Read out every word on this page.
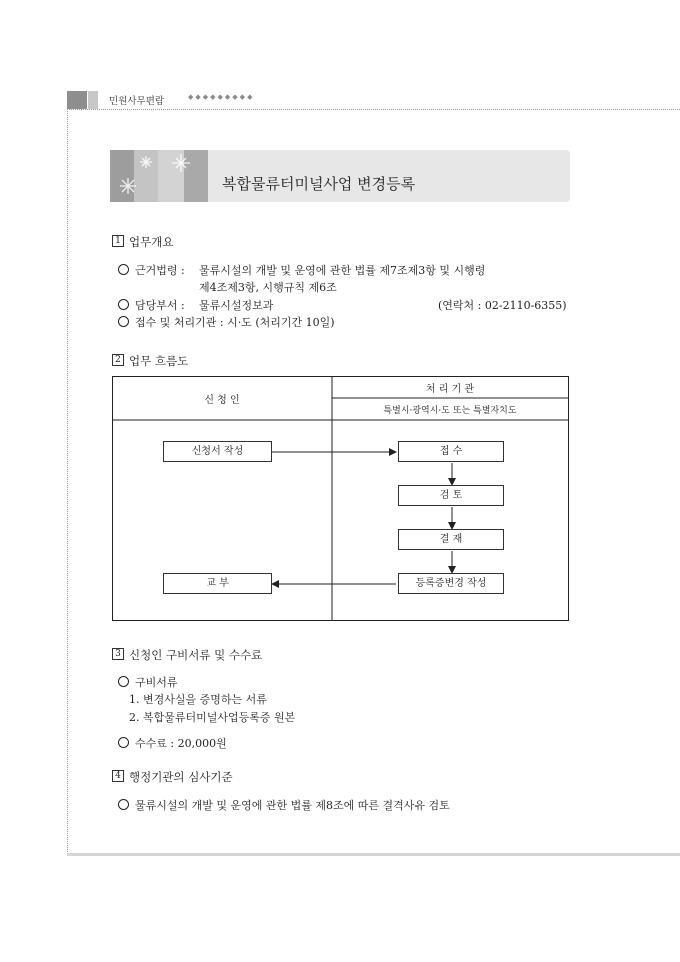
민원사무편람	◆◆◆◆◆◆◆◆◆
복합물류터미널사업 변경등록
1 업무개요
근거법령 : 물류시설의 개발 및 운영에 관한 법률 제7조제3항 및 시행령
제4조제3항, 시행규칙 제6조
담당부서 : 물류시설정보과	(연락처 : 02-2110-6355)
접수 및 처리기관 : 시·도 (처리기간 10일)
2 업무 흐름도
신 청 인
처 리 기 관
특별시·광역시·도 또는 특별자치도
신청서 작성	접 수
검 토
결 재
등록증변경 작성
교 부
3 신청인 구비서류 및 수수료
구비서류
1. 변경사실을 증명하는 서류
2. 복합물류터미널사업등록증 원본
수수료 : 20,000원
4 행정기관의 심사기준
물류시설의 개발 및 운영에 관한 법률 제8조에 따른 결격사유 검토
